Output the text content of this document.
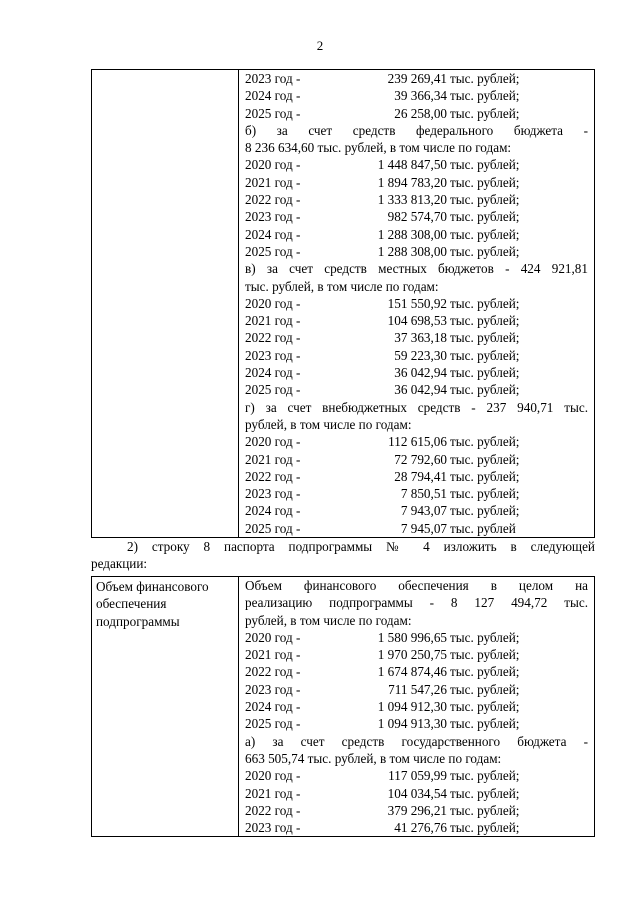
2

2023 год -	239 269,41 тыс. рублей;
2024 год -	39 366,34 тыс. рублей;
2025 год -	26 258,00 тыс. рублей;
б) за счет средств федерального бюджета -
8 236 634,60 тыс. рублей, в том числе по годам:
2020 год -	1 448 847,50 тыс. рублей;
2021 год -	1 894 783,20 тыс. рублей;
2022 год -	1 333 813,20 тыс. рублей;
2023 год -	982 574,70 тыс. рублей;
2024 год -	1 288 308,00 тыс. рублей;
2025 год -	1 288 308,00 тыс. рублей;
в) за счет средств местных бюджетов - 424 921,81
тыс. рублей, в том числе по годам:
2020 год -	151 550,92 тыс. рублей;
2021 год -	104 698,53 тыс. рублей;
2022 год -	37 363,18 тыс. рублей;
2023 год -	59 223,30 тыс. рублей;
2024 год -	36 042,94 тыс. рублей;
2025 год -	36 042,94 тыс. рублей;
г) за счет внебюджетных средств - 237 940,71 тыс.
рублей, в том числе по годам:
2020 год -	112 615,06 тыс. рублей;
2021 год -	72 792,60 тыс. рублей;
2022 год -	28 794,41 тыс. рублей;
2023 год -	7 850,51 тыс. рублей;
2024 год -	7 943,07 тыс. рублей;
2025 год -	7 945,07 тыс. рублей
2) строку 8 паспорта подпрограммы № 4 изложить в следующей
редакции:
Объем финансового
обеспечения
подпрограммы

Объем финансового обеспечения в целом на
реализацию подпрограммы - 8 127 494,72 тыс.
рублей, в том числе по годам:
2020 год -	1 580 996,65 тыс. рублей;
2021 год -	1 970 250,75 тыс. рублей;
2022 год -	1 674 874,46 тыс. рублей;
2023 год -	711 547,26 тыс. рублей;
2024 год -	1 094 912,30 тыс. рублей;
2025 год -	1 094 913,30 тыс. рублей;
а) за счет средств государственного бюджета -
663 505,74 тыс. рублей, в том числе по годам:
2020 год -	117 059,99 тыс. рублей;
2021 год -	104 034,54 тыс. рублей;
2022 год -	379 296,21 тыс. рублей;
2023 год -	41 276,76 тыс. рублей;
